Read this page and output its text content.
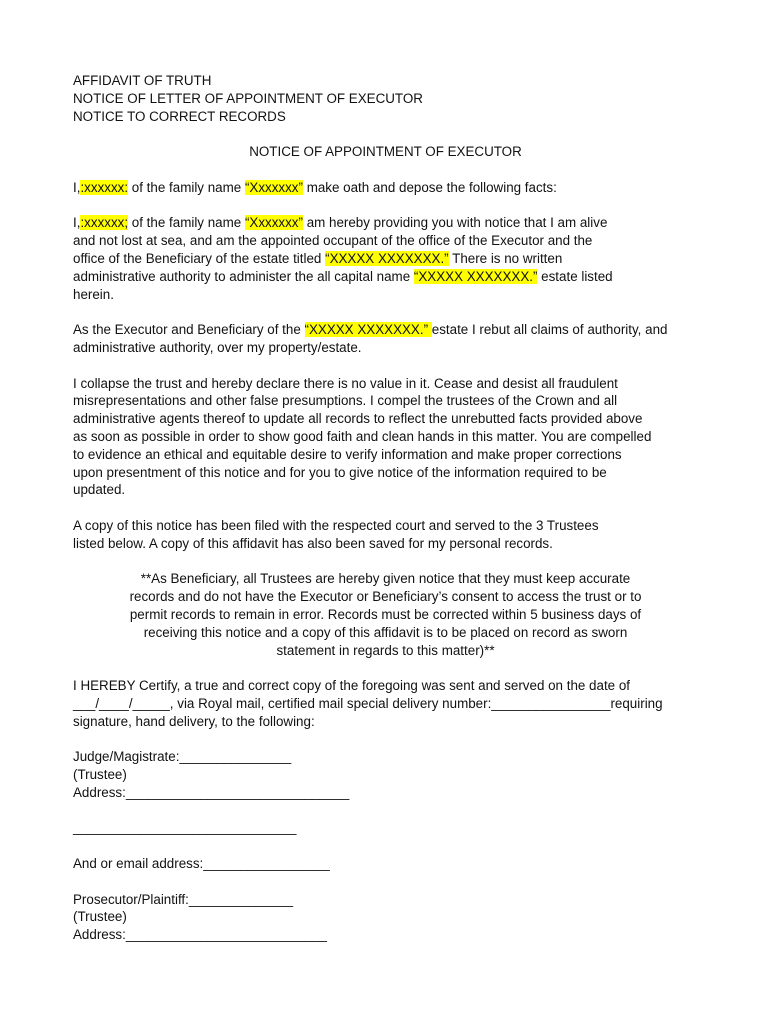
AFFIDAVIT OF TRUTH
NOTICE OF LETTER OF APPOINTMENT OF EXECUTOR
NOTICE TO CORRECT RECORDS
NOTICE OF APPOINTMENT OF EXECUTOR
I,:xxxxxx: of the family name “Xxxxxxx” make oath and depose the following facts:
I,:xxxxxx; of the family name “Xxxxxxx” am hereby providing you with notice that I am alive
and not lost at sea, and am the appointed occupant of the office of the Executor and the
office of the Beneficiary of the estate titled “XXXXX XXXXXXX.” There is no written
administrative authority to administer the all capital name “XXXXX XXXXXXX.” estate listed
herein.
As the Executor and Beneficiary of the “XXXXX XXXXXXX.” estate I rebut all claims of authority, and
administrative authority, over my property/estate.
I collapse the trust and hereby declare there is no value in it. Cease and desist all fraudulent
misrepresentations and other false presumptions. I compel the trustees of the Crown and all
administrative agents thereof to update all records to reflect the unrebutted facts provided above
as soon as possible in order to show good faith and clean hands in this matter. You are compelled
to evidence an ethical and equitable desire to verify information and make proper corrections
upon presentment of this notice and for you to give notice of the information required to be
updated.
A copy of this notice has been filed with the respected court and served to the 3 Trustees
listed below. A copy of this affidavit has also been saved for my personal records.
**As Beneficiary, all Trustees are hereby given notice that they must keep accurate
records and do not have the Executor or Beneficiary’s consent to access the trust or to
permit records to remain in error. Records must be corrected within 5 business days of
receiving this notice and a copy of this affidavit is to be placed on record as sworn
statement in regards to this matter)**
I HEREBY Certify, a true and correct copy of the foregoing was sent and served on the date of
___/____/_____, via Royal mail, certified mail special delivery number:________________requiring
signature, hand delivery, to the following:
Judge/Magistrate:_______________
(Trustee)
Address:______________________________
______________________________
And or email address:_________________
Prosecutor/Plaintiff:______________
(Trustee)
Address:___________________________
